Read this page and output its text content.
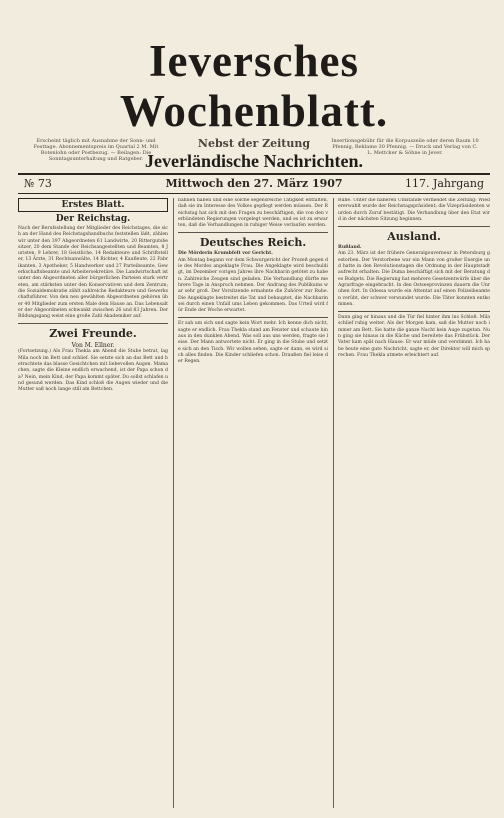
Ieversches Wochenblatt.
Erscheint täglich mit Ausnahme der Sonn- und Festtage. Abonnementspreis im Quartal 2 M. Mit Botenlohn oder Postbezug. — Beilagen: Die Sonntagsunterhaltung und Ratgeber.
Nebst der Zeitung	Insertionsgebühr für die Korpuszeile oder deren Raum 10 Pfennig, Reklame 30 Pfennig. — Druck und Verlag von C. L. Mettcker & Söhne in Jever.
Jeverländische Nachrichten.
№ 73	Mittwoch den 27. März 1907	117. Jahrgang
Erstes Blatt.
Der Reichstag.
Nach der Berufsstellung der Mitglieder des Reichstages, die sich an der Hand des Reichstagshandbuchs feststellen läßt, zählen wir unter den 397 Abgeordneten 61 Landwirte, 20 Rittergutsbesitzer, 20 dem Stande der Reichsangestellten und Beamten, 8 Juristen, 9 Lehrer, 18 Geistliche, 14 Redakteure und Schriftsteller, 13 Ärzte, 31 Rechtsanwälte, 14 Richter, 4 Kaufleute, 22 Fabrikanten, 3 Apotheker, 5 Handwerker und 27 Parteibeamte, Gewerkschaftsbeamte und Arbeitersekretäre. Die Landwirtschaft ist unter den Abgeordneten aller bürgerlichen Parteien stark vertreten, am stärksten unter den Konservativen und dem Zentrum; die Sozialdemokratie zählt zahlreiche Redakteure und Gewerkschaftsführer. Von den neu gewählten Abgeordneten gehören über 40 Mitglieder zum ersten Male dem Hause an. Das Lebensalter der Abgeordneten schwankt zwischen 26 und 83 Jahren. Der Bildungsgang weist eine große Zahl Akademiker auf.
Zwei Freunde.
Von M. Ellner.
(Fortsetzung.) Als Frau Thekla am Abend die Stube betrat, lag Mila noch im Bett und schlief. Sie setzte sich an das Bett und betrachtete das blasse Gesichtchen mit liebevollen Augen. Mamachen, sagte die Kleine endlich erwachend, ist der Papa schon da? Nein, mein Kind, der Papa kommt später. Du sollst schlafen und gesund werden. Das Kind schloß die Augen wieder und die Mutter saß noch lange still am Bettchen.
bahnen haben und eine solche segensreiche Tätigkeit entfalten, daß sie im Interesse des Volkes gepflegt werden müssen. Der Reichstag hat sich mit den Fragen zu beschäftigen, die von den verbündeten Regierungen vorgelegt werden, und es ist zu erwarten, daß die Verhandlungen in ruhiger Weise verlaufen werden.
Deutsches Reich.
Die Mörderin Krumbfelt vor Gericht.
Am Montag begann vor dem Schwurgericht der Prozeß gegen die des Mordes angeklagte Frau. Die Angeklagte wird beschuldigt, im Dezember vorigen Jahres ihre Nachbarin getötet zu haben. Zahlreiche Zeugen sind geladen. Die Verhandlung dürfte mehrere Tage in Anspruch nehmen. Der Andrang des Publikums war sehr groß. Der Vorsitzende ermahnte die Zuhörer zur Ruhe. Die Angeklagte bestreitet die Tat und behauptet, die Nachbarin sei durch einen Unfall ums Leben gekommen. Das Urteil wird für Ende der Woche erwartet.
Er sah um sich und sagte kein Wort mehr. Ich kenne dich nicht, sagte er endlich. Frau Thekla stand am Fenster und schaute hinaus in den dunklen Abend. Was soll aus uns werden, fragte sie leise. Der Mann antwortete nicht. Er ging in die Stube und setzte sich an den Tisch. Wir wollen sehen, sagte er dann, es wird sich alles finden. Die Kinder schliefen schon. Draußen fiel leise der Regen.
Ruhe. Unter die näheren Umstände vermeldet die Zeitung: Wiedererwahlt wurde der Reichstagspräsident; die Vizepräsidenten wurden durch Zuruf bestätigt. Die Verhandlung über den Etat wird in der nächsten Sitzung beginnen.
Ausland.
Rußland.
Am 23. März ist der frühere Generalgouverneur in Petersburg gestorben. Der Verstorbene war ein Mann von großer Energie und hatte in den Revolutionstagen die Ordnung in der Hauptstadt aufrecht erhalten. Die Duma beschäftigt sich mit der Beratung des Budgets. Die Regierung hat mehrere Gesetzentwürfe über die Agrarfrage eingebracht. In den Ostseeprovinzen dauern die Unruhen fort. In Odessa wurde ein Attentat auf einen Polizeibeamten verübt, der schwer verwundet wurde. Die Täter konnten entkommen.
Dann ging er hinaus und die Tür fiel hinter ihm ins Schloß. Mila schlief ruhig weiter. Als der Morgen kam, saß die Mutter noch immer am Bett. Sie hatte die ganze Nacht kein Auge zugetan. Nun ging sie hinaus in die Küche und bereitete das Frühstück. Der Vater kam spät nach Hause. Er war müde und verstimmt. Ich habe heute eine gute Nachricht, sagte er, der Direktor will mich sprechen. Frau Thekla atmete erleichtert auf.
